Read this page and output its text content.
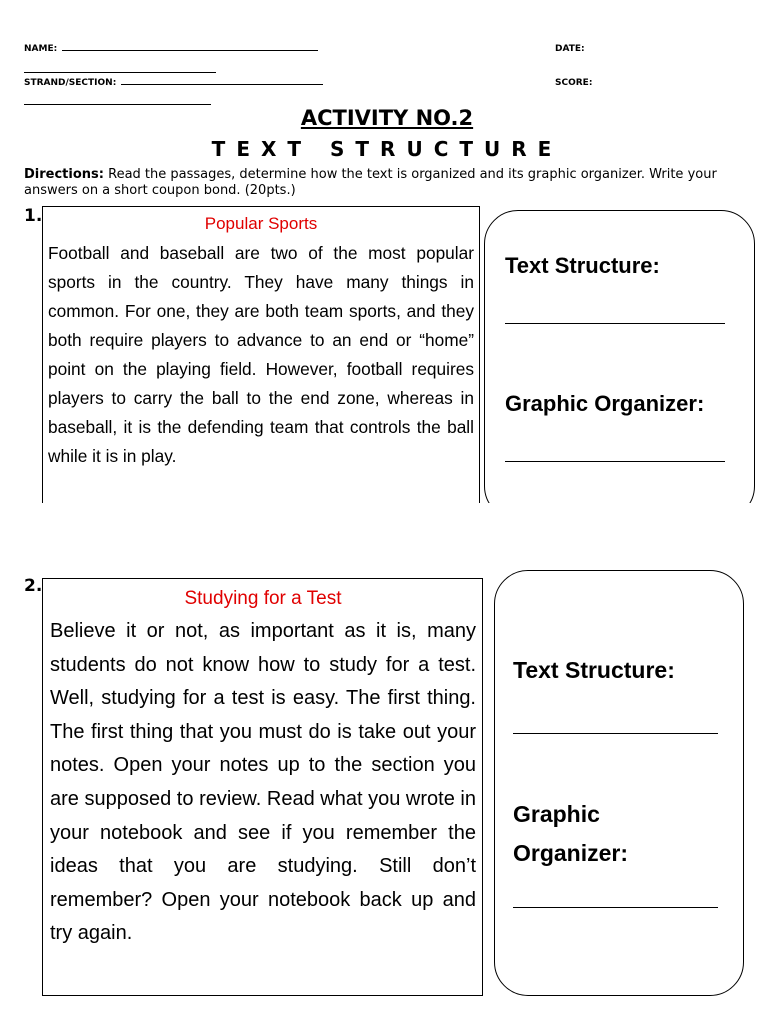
NAME:	DATE:
STRAND/SECTION:	SCORE:
ACTIVITY NO.2
TEXT STRUCTURE
Directions: Read the passages, determine how the text is organized and its graphic organizer. Write your answers on a short coupon bond. (20pts.)
1.	Popular Sports
Football and baseball are two of the most popular sports in the country. They have many things in common. For one, they are both team sports, and they both require players to advance to an end or “home” point on the playing field. However, football requires players to carry the ball to the end zone, whereas in baseball, it is the defending team that controls the ball while it is in play.
Text Structure:
Graphic Organizer:
2.
Studying for a Test
Believe it or not, as important as it is, many students do not know how to study for a test. Well, studying for a test is easy. The first thing. The first thing that you must do is take out your notes. Open your notes up to the section you are supposed to review. Read what you wrote in your notebook and see if you remember the ideas that you are studying. Still don’t remember? Open your notebook back up and try again.
Text Structure:
Graphic Organizer:
